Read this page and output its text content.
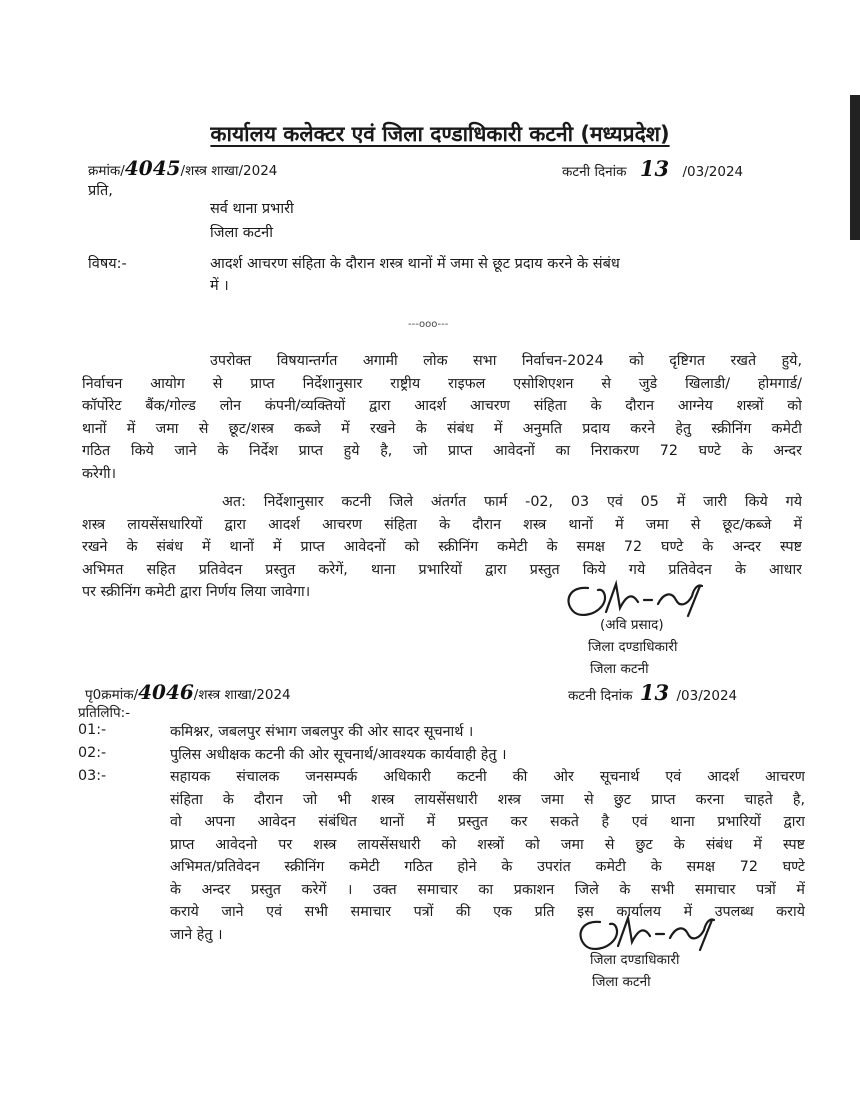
कार्यालय कलेक्टर एवं जिला दण्डाधिकारी कटनी (मध्यप्रदेश)
क्रमांक/4045/शस्त्र शाखा/2024	कटनी दिनांक 13 /03/2024
प्रति,
सर्व थाना प्रभारी
जिला कटनी
विषय:-	आदर्श आचरण संहिता के दौरान शस्त्र थानों में जमा से छूट प्रदाय करने के संबंध
में ।
---ooo---
उपरोक्त विषयान्तर्गत अगामी लोक सभा निर्वाचन-2024 को दृष्टिगत रखते हुये,
निर्वाचन आयोग से प्राप्त निर्देशानुसार राष्ट्रीय राइफल एसोशिएशन से जुडे खिलाडी/ होमगार्ड/
कॉर्पोरेट बैंक/गोल्ड लोन कंपनी/व्यक्तियों द्वारा आदर्श आचरण संहिता के दौरान आग्नेय शस्त्रों को
थानों में जमा से छूट/शस्त्र कब्जे में रखने के संबंध में अनुमति प्रदाय करने हेतु स्क्रीनिंग कमेटी
गठित किये जाने के निर्देश प्राप्त हुये है, जो प्राप्त आवेदनों का निराकरण 72 घण्टे के अन्दर
करेगी।
अत: निर्देशानुसार कटनी जिले अंतर्गत फार्म -02, 03 एवं 05 में जारी किये गये
शस्त्र लायसेंसधारियों द्वारा आदर्श आचरण संहिता के दौरान शस्त्र थानों में जमा से छूट/कब्जे में
रखने के संबंध में थानों में प्राप्त आवेदनों को स्क्रीनिंग कमेटी के समक्ष 72 घण्टे के अन्दर स्पष्ट
अभिमत सहित प्रतिवेदन प्रस्तुत करेगें, थाना प्रभारियों द्वारा प्रस्तुत किये गये प्रतिवेदन के आधार
पर स्क्रीनिंग कमेटी द्वारा निर्णय लिया जावेगा।
(अवि प्रसाद)
जिला दण्डाधिकारी
जिला कटनी
पृ0क्रमांक/4046/शस्त्र शाखा/2024	कटनी दिनांक 13 /03/2024
प्रतिलिपि:-
01:-	कमिश्नर, जबलपुर संभाग जबलपुर की ओर सादर सूचनार्थ ।
02:-	पुलिस अधीक्षक कटनी की ओर सूचनार्थ/आवश्यक कार्यवाही हेतु ।
03:-	सहायक संचालक जनसम्पर्क अधिकारी कटनी की ओर सूचनार्थ एवं आदर्श आचरण
संहिता के दौरान जो भी शस्त्र लायसेंसधारी शस्त्र जमा से छुट प्राप्त करना चाहते है,
वो अपना आवेदन संबंधित थानों में प्रस्तुत कर सकते है एवं थाना प्रभारियों द्वारा
प्राप्त आवेदनो पर शस्त्र लायसेंसधारी को शस्त्रों को जमा से छुट के संबंध में स्पष्ट
अभिमत/प्रतिवेदन स्क्रीनिंग कमेटी गठित होने के उपरांत कमेटी के समक्ष 72 घण्टे
के अन्दर प्रस्तुत करेगें । उक्त समाचार का प्रकाशन जिले के सभी समाचार पत्रों में
कराये जाने एवं सभी समाचार पत्रों की एक प्रति इस कार्यालय में उपलब्ध कराये
जाने हेतु ।
जिला दण्डाधिकारी
जिला कटनी
